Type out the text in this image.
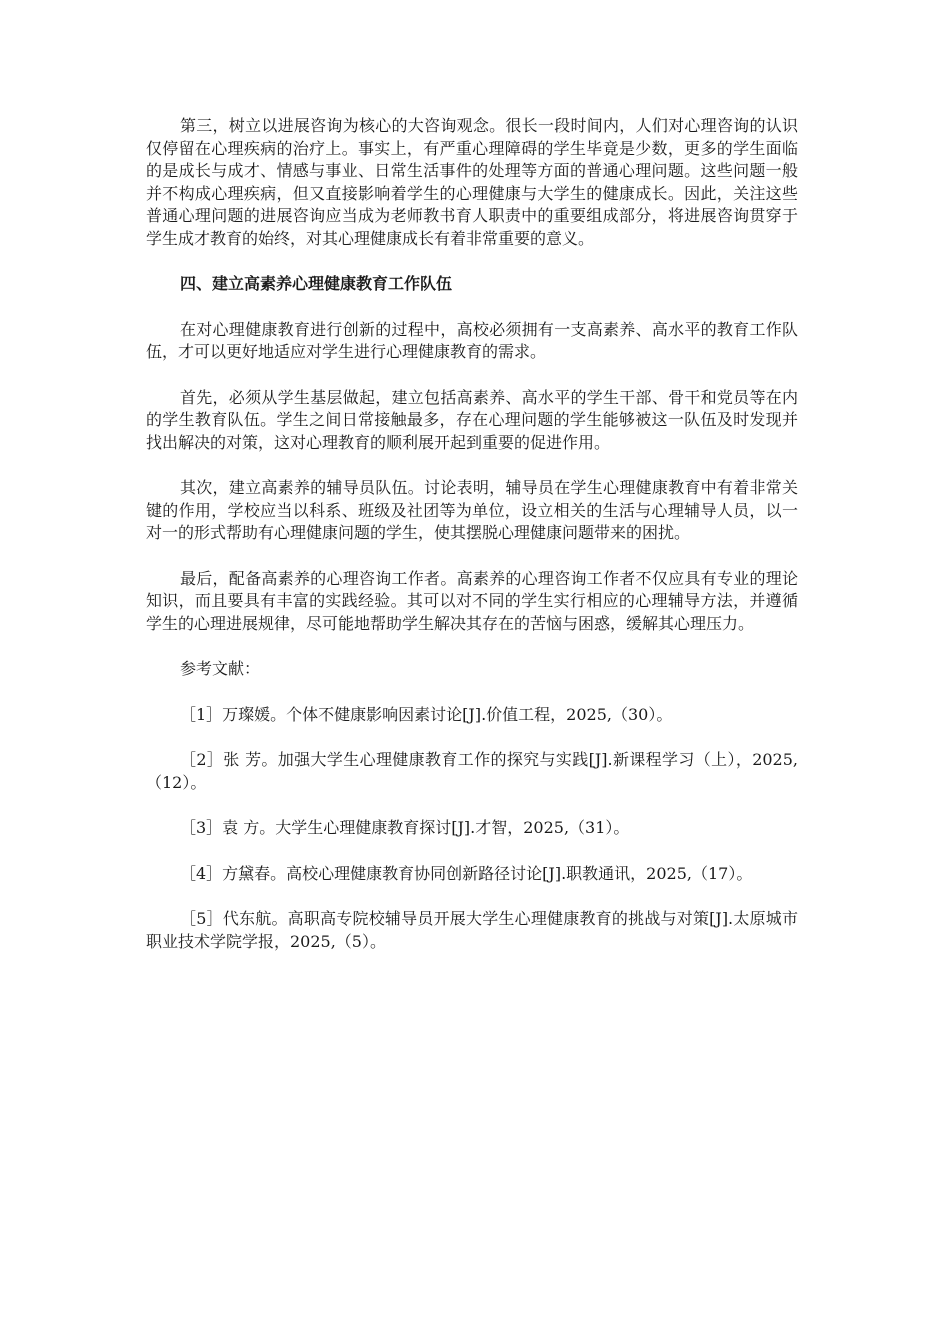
第三，树立以进展咨询为核心的大咨询观念。很长一段时间内，人们对心理咨询的认识仅停留在心理疾病的治疗上。事实上，有严重心理障碍的学生毕竟是少数，更多的学生面临的是成长与成才、情感与事业、日常生活事件的处理等方面的普通心理问题。这些问题一般并不构成心理疾病，但又直接影响着学生的心理健康与大学生的健康成长。因此，关注这些普通心理问题的进展咨询应当成为老师教书育人职责中的重要组成部分，将进展咨询贯穿于学生成才教育的始终，对其心理健康成长有着非常重要的意义。

四、建立高素养心理健康教育工作队伍

在对心理健康教育进行创新的过程中，高校必须拥有一支高素养、高水平的教育工作队伍，才可以更好地适应对学生进行心理健康教育的需求。

首先，必须从学生基层做起，建立包括高素养、高水平的学生干部、骨干和党员等在内的学生教育队伍。学生之间日常接触最多，存在心理问题的学生能够被这一队伍及时发现并找出解决的对策，这对心理教育的顺利展开起到重要的促进作用。

其次，建立高素养的辅导员队伍。讨论表明，辅导员在学生心理健康教育中有着非常关键的作用，学校应当以科系、班级及社团等为单位，设立相关的生活与心理辅导人员，以一对一的形式帮助有心理健康问题的学生，使其摆脱心理健康问题带来的困扰。

最后，配备高素养的心理咨询工作者。高素养的心理咨询工作者不仅应具有专业的理论知识，而且要具有丰富的实践经验。其可以对不同的学生实行相应的心理辅导方法，并遵循学生的心理进展规律，尽可能地帮助学生解决其存在的苦恼与困惑，缓解其心理压力。

参考文献：

［1］万璨媛。个体不健康影响因素讨论[J].价值工程，2025,（30）。

［2］张 芳。加强大学生心理健康教育工作的探究与实践[J].新课程学习（上），2025,（12）。

［3］袁 方。大学生心理健康教育探讨[J].才智，2025,（31）。

［4］方黛春。高校心理健康教育协同创新路径讨论[J].职教通讯，2025,（17）。

［5］代东航。高职高专院校辅导员开展大学生心理健康教育的挑战与对策[J].太原城市职业技术学院学报，2025,（5）。
